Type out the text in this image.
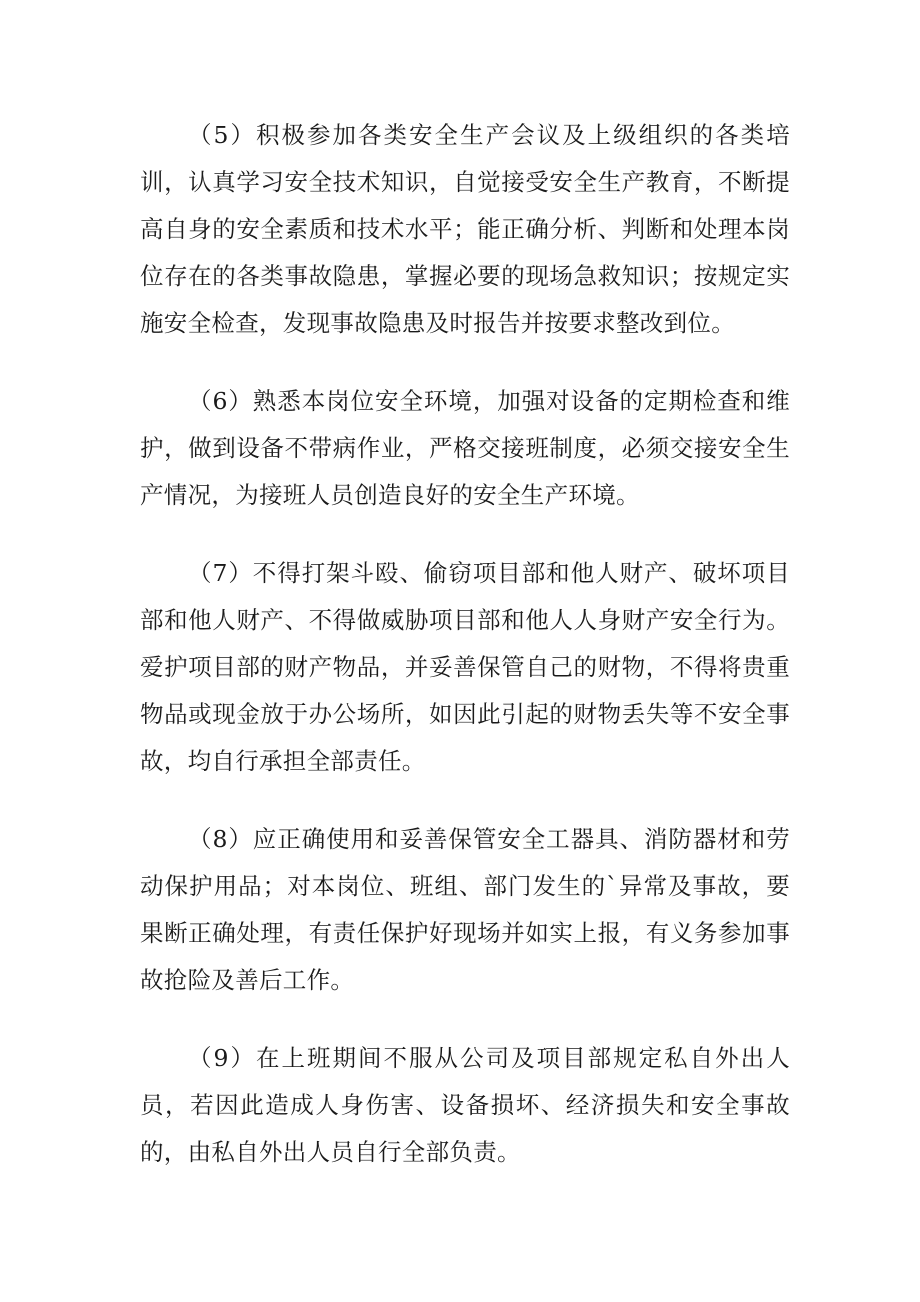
（5）积极参加各类安全生产会议及上级组织的各类培训，认真学习安全技术知识，自觉接受安全生产教育，不断提高自身的安全素质和技术水平；能正确分析、判断和处理本岗位存在的各类事故隐患，掌握必要的现场急救知识；按规定实施安全检查，发现事故隐患及时报告并按要求整改到位。

（6）熟悉本岗位安全环境，加强对设备的定期检查和维护，做到设备不带病作业，严格交接班制度，必须交接安全生产情况，为接班人员创造良好的安全生产环境。

（7）不得打架斗殴、偷窃项目部和他人财产、破坏项目部和他人财产、不得做威胁项目部和他人人身财产安全行为。爱护项目部的财产物品，并妥善保管自己的财物，不得将贵重物品或现金放于办公场所，如因此引起的财物丢失等不安全事故，均自行承担全部责任。

（8）应正确使用和妥善保管安全工器具、消防器材和劳动保护用品；对本岗位、班组、部门发生的`异常及事故，要果断正确处理，有责任保护好现场并如实上报，有义务参加事故抢险及善后工作。

（9）在上班期间不服从公司及项目部规定私自外出人员，若因此造成人身伤害、设备损坏、经济损失和安全事故的，由私自外出人员自行全部负责。
